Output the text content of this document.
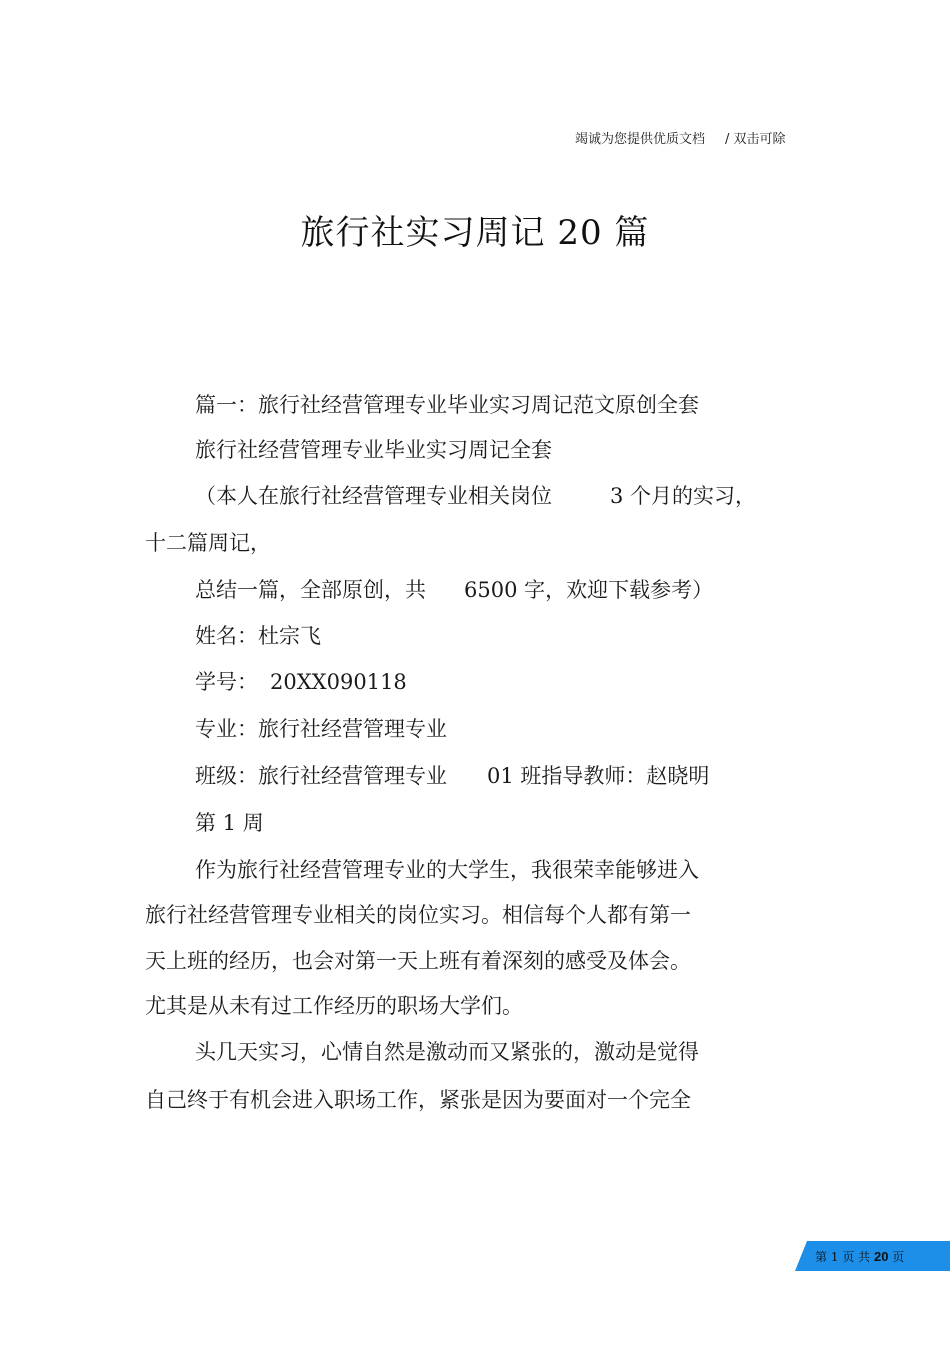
竭诚为您提供优质文档 / 双击可除
旅行社实习周记 20 篇
篇一：旅行社经营管理专业毕业实习周记范文原创全套
旅行社经营管理专业毕业实习周记全套
（本人在旅行社经营管理专业相关岗位	3 个月的实习，
十二篇周记，
总结一篇，全部原创，共 6500 字，欢迎下载参考）
姓名：杜宗飞
学号： 20XX090118
专业：旅行社经营管理专业
班级：旅行社经营管理专业 01 班指导教师：赵晓明
第 1 周
作为旅行社经营管理专业的大学生，我很荣幸能够进入
旅行社经营管理专业相关的岗位实习。相信每个人都有第一
天上班的经历，也会对第一天上班有着深刻的感受及体会。
尤其是从未有过工作经历的职场大学们。
头几天实习，心情自然是激动而又紧张的，激动是觉得
自己终于有机会进入职场工作，紧张是因为要面对一个完全
第 1 页 共 20 页
